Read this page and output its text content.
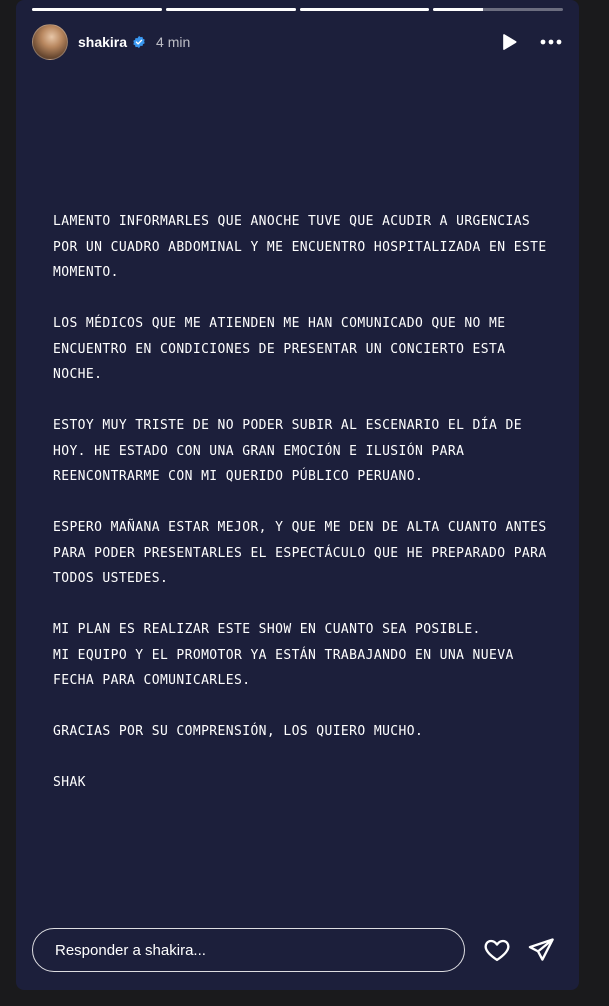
shakira 4 min

LAMENTO INFORMARLES QUE ANOCHE TUVE QUE ACUDIR A URGENCIAS
POR UN CUADRO ABDOMINAL Y ME ENCUENTRO HOSPITALIZADA EN ESTE
MOMENTO.

LOS MÉDICOS QUE ME ATIENDEN ME HAN COMUNICADO QUE NO ME
ENCUENTRO EN CONDICIONES DE PRESENTAR UN CONCIERTO ESTA
NOCHE.

ESTOY MUY TRISTE DE NO PODER SUBIR AL ESCENARIO EL DÍA DE
HOY. HE ESTADO CON UNA GRAN EMOCIÓN E ILUSIÓN PARA
REENCONTRARME CON MI QUERIDO PÚBLICO PERUANO.

ESPERO MAÑANA ESTAR MEJOR, Y QUE ME DEN DE ALTA CUANTO ANTES
PARA PODER PRESENTARLES EL ESPECTÁCULO QUE HE PREPARADO PARA
TODOS USTEDES.

MI PLAN ES REALIZAR ESTE SHOW EN CUANTO SEA POSIBLE.
MI EQUIPO Y EL PROMOTOR YA ESTÁN TRABAJANDO EN UNA NUEVA
FECHA PARA COMUNICARLES.

GRACIAS POR SU COMPRENSIÓN, LOS QUIERO MUCHO.

SHAK

Responder a shakira...
